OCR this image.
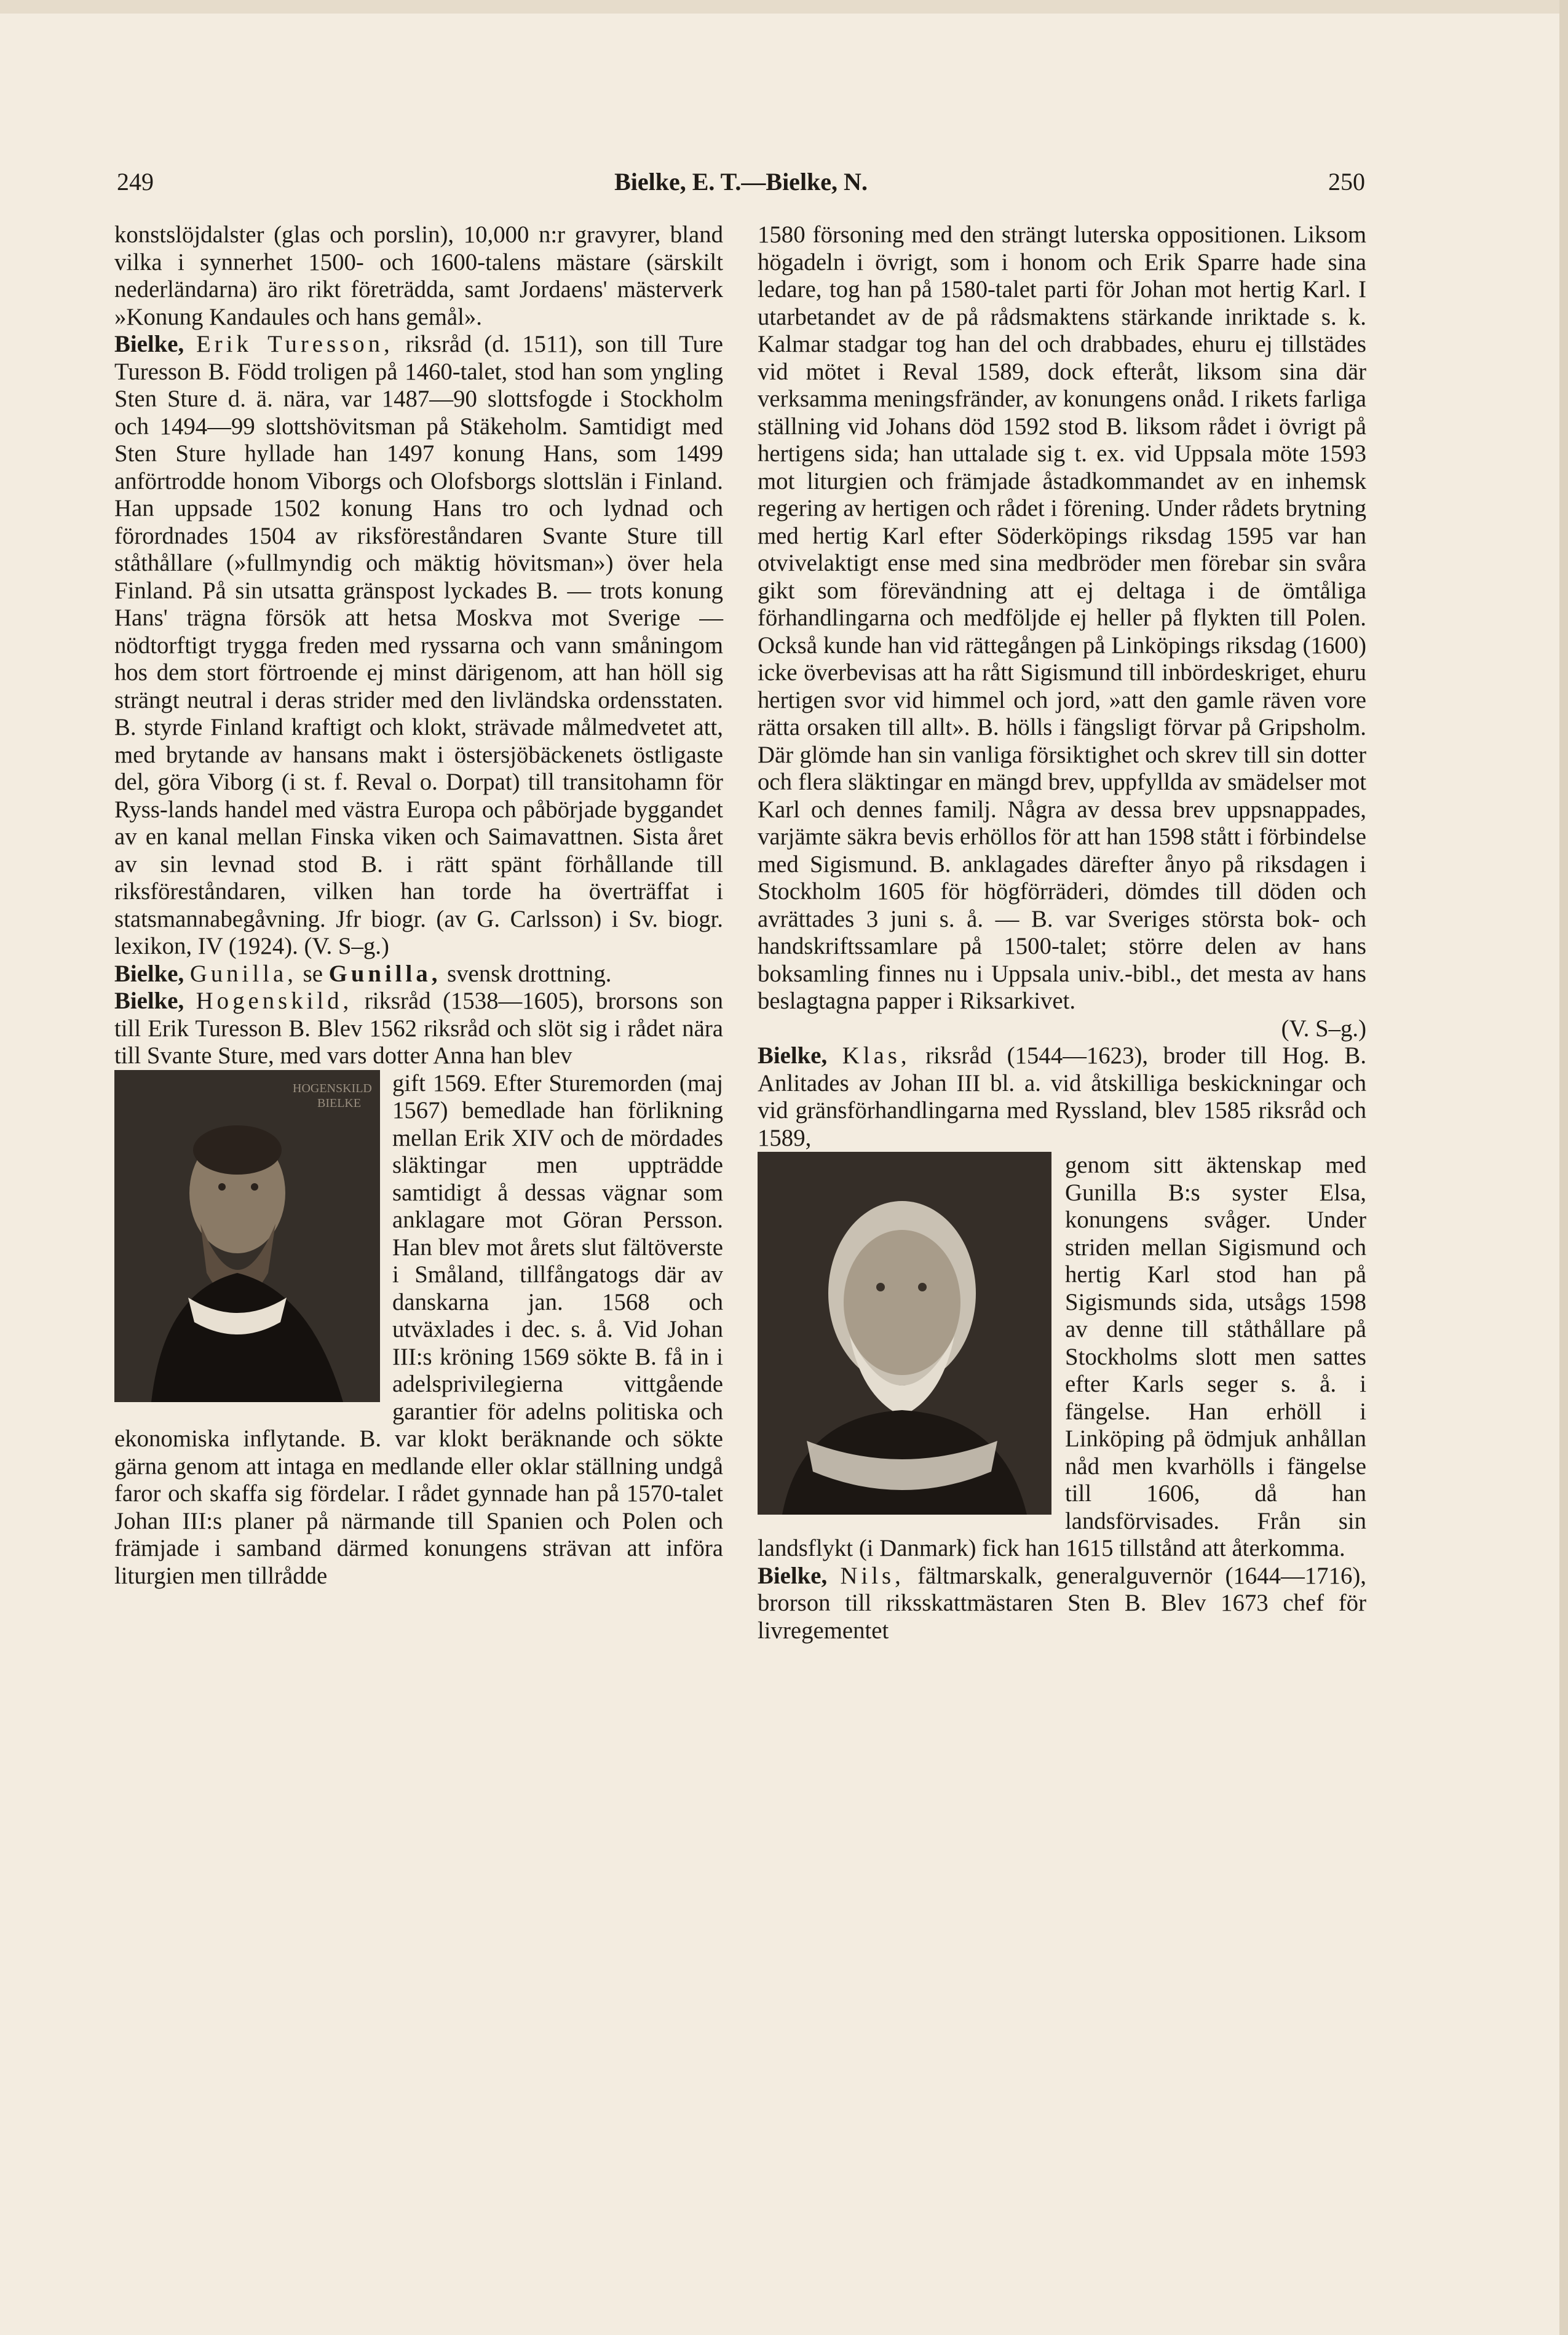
249	Bielke, E. T.—Bielke, N.	250

konstslöjdalster (glas och porslin), 10,000 n:r gravyrer, bland vilka i synnerhet 1500- och 1600-talens mästare (särskilt nederländarna) äro rikt företrädda, samt Jordaens' mästerverk »Konung Kandaules och hans gemål».

Bielke, Erik Turesson, riksråd (d. 1511), son till Ture Turesson B. Född troligen på 1460-talet, stod han som yngling Sten Sture d. ä. nära, var 1487—90 slottsfogde i Stockholm och 1494—99 slottshövitsman på Stäkeholm. Samtidigt med Sten Sture hyllade han 1497 konung Hans, som 1499 anförtrodde honom Viborgs och Olofsborgs slottslän i Finland. Han uppsade 1502 konung Hans tro och lydnad och förordnades 1504 av riksföreståndaren Svante Sture till ståthållare (»fullmyndig och mäktig hövitsman») över hela Finland. På sin utsatta gränspost lyckades B. — trots konung Hans' trägna försök att hetsa Moskva mot Sverige — nödtorftigt trygga freden med ryssarna och vann småningom hos dem stort förtroende ej minst därigenom, att han höll sig strängt neutral i deras strider med den livländska ordensstaten. B. styrde Finland kraftigt och klokt, strävade målmedvetet att, med brytande av hansans makt i östersjöbäckenets östligaste del, göra Viborg (i st. f. Reval o. Dorpat) till transitohamn för Ryss-lands handel med västra Europa och påbörjade byggandet av en kanal mellan Finska viken och Saimavattnen. Sista året av sin levnad stod B. i rätt spänt förhållande till riksföreståndaren, vilken han torde ha överträffat i statsmannabegåvning. Jfr biogr. (av G. Carlsson) i Sv. biogr. lexikon, IV (1924). (V. S–g.)

Bielke, Gunilla, se Gunilla, svensk drottning.

Bielke, Hogenskild, riksråd (1538—1605), brorsons son till Erik Turesson B. Blev 1562 riksråd och slöt sig i rådet nära till Svante Sture, med vars dotter Anna han blev

HOGENSKILD
BIELKE

gift 1569. Efter Sturemorden (maj 1567) bemedlade han förlikning mellan Erik XIV och de mördades släktingar men uppträdde samtidigt å dessas vägnar som anklagare mot Göran Persson. Han blev mot årets slut fältöverste i Småland, tillfångatogs där av danskarna jan. 1568 och utväxlades i dec. s. å. Vid Johan III:s kröning 1569 sökte B. få in i adelsprivilegierna vittgående garantier för adelns politiska och ekonomiska inflytande. B. var klokt beräknande och sökte gärna genom att intaga en medlande eller oklar ställning undgå faror och skaffa sig fördelar. I rådet gynnade han på 1570-talet Johan III:s planer på närmande till Spanien och Polen och främjade i samband därmed konungens strävan att införa liturgien men tillrådde

1580 försoning med den strängt luterska oppositionen. Liksom högadeln i övrigt, som i honom och Erik Sparre hade sina ledare, tog han på 1580-talet parti för Johan mot hertig Karl. I utarbetandet av de på rådsmaktens stärkande inriktade s. k. Kalmar stadgar tog han del och drabbades, ehuru ej tillstädes vid mötet i Reval 1589, dock efteråt, liksom sina där verksamma meningsfränder, av konungens onåd. I rikets farliga ställning vid Johans död 1592 stod B. liksom rådet i övrigt på hertigens sida; han uttalade sig t. ex. vid Uppsala möte 1593 mot liturgien och främjade åstadkommandet av en inhemsk regering av hertigen och rådet i förening. Under rådets brytning med hertig Karl efter Söderköpings riksdag 1595 var han otvivelaktigt ense med sina medbröder men förebar sin svåra gikt som förevändning att ej deltaga i de ömtåliga förhandlingarna och medföljde ej heller på flykten till Polen. Också kunde han vid rättegången på Linköpings riksdag (1600) icke överbevisas att ha rått Sigismund till inbördeskriget, ehuru hertigen svor vid himmel och jord, »att den gamle räven vore rätta orsaken till allt». B. hölls i fängsligt förvar på Gripsholm. Där glömde han sin vanliga försiktighet och skrev till sin dotter och flera släktingar en mängd brev, uppfyllda av smädelser mot Karl och dennes familj. Några av dessa brev uppsnappades, varjämte säkra bevis erhöllos för att han 1598 stått i förbindelse med Sigismund. B. anklagades därefter ånyo på riksdagen i Stockholm 1605 för högförräderi, dömdes till döden och avrättades 3 juni s. å. — B. var Sveriges största bok- och handskriftssamlare på 1500-talet; större delen av hans boksamling finnes nu i Uppsala univ.-bibl., det mesta av hans beslagtagna papper i Riksarkivet.
(V. S–g.)

Bielke, Klas, riksråd (1544—1623), broder till Hog. B. Anlitades av Johan III bl. a. vid åtskilliga beskickningar och vid gränsförhandlingarna med Ryssland, blev 1585 riksråd och 1589,

genom sitt äktenskap med Gunilla B:s syster Elsa, konungens svåger. Under striden mellan Sigismund och hertig Karl stod han på Sigismunds sida, utsågs 1598 av denne till ståthållare på Stockholms slott men sattes efter Karls seger s. å. i fängelse. Han erhöll i Linköping på ödmjuk anhållan nåd men kvarhölls i fängelse till 1606, då han landsförvisades. Från sin landsflykt (i Danmark) fick han 1615 tillstånd att återkomma.

Bielke, Nils, fältmarskalk, generalguvernör (1644—1716), brorson till riksskattmästaren Sten B. Blev 1673 chef för livregementet
